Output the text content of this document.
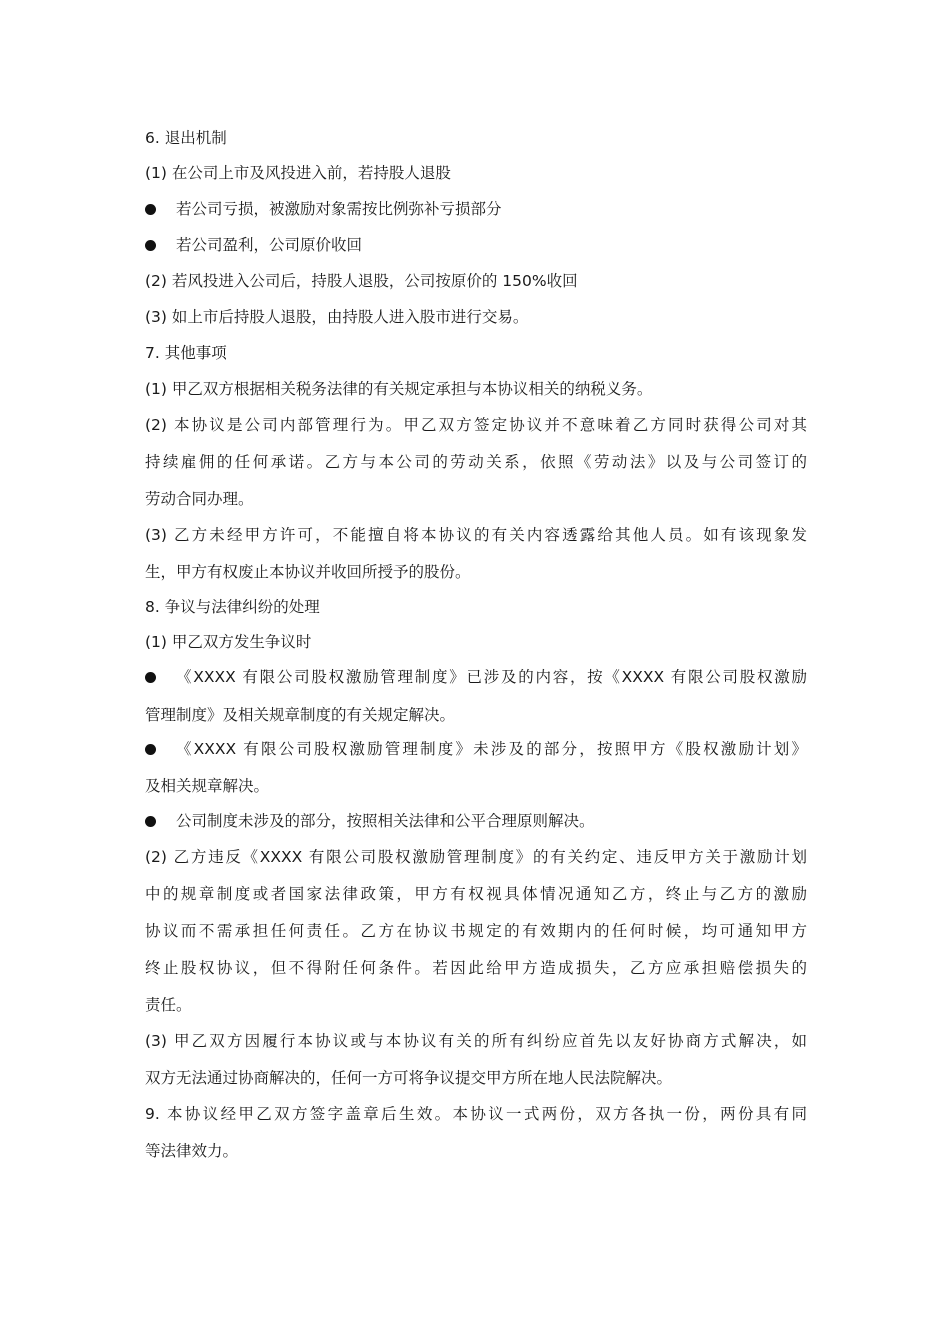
6. 退出机制
(1) 在公司上市及风投进入前，若持股人退股
若公司亏损，被激励对象需按比例弥补亏损部分
若公司盈利，公司原价收回
(2) 若风投进入公司后，持股人退股，公司按原价的 150%收回
(3) 如上市后持股人退股，由持股人进入股市进行交易。
7. 其他事项
(1) 甲乙双方根据相关税务法律的有关规定承担与本协议相关的纳税义务。
(2) 本协议是公司内部管理行为。甲乙双方签定协议并不意味着乙方同时获得公司对其
持续雇佣的任何承诺。乙方与本公司的劳动关系，依照《劳动法》以及与公司签订的
劳动合同办理。
(3) 乙方未经甲方许可，不能擅自将本协议的有关内容透露给其他人员。如有该现象发
生，甲方有权废止本协议并收回所授予的股份。
8. 争议与法律纠纷的处理
(1) 甲乙双方发生争议时
《XXXX 有限公司股权激励管理制度》已涉及的内容，按《XXXX 有限公司股权激励
管理制度》及相关规章制度的有关规定解决。
《XXXX 有限公司股权激励管理制度》未涉及的部分，按照甲方《股权激励计划》
及相关规章解决。
公司制度未涉及的部分，按照相关法律和公平合理原则解决。
(2) 乙方违反《XXXX 有限公司股权激励管理制度》的有关约定、违反甲方关于激励计划
中的规章制度或者国家法律政策，甲方有权视具体情况通知乙方，终止与乙方的激励
协议而不需承担任何责任。乙方在协议书规定的有效期内的任何时候，均可通知甲方
终止股权协议，但不得附任何条件。若因此给甲方造成损失，乙方应承担赔偿损失的
责任。
(3) 甲乙双方因履行本协议或与本协议有关的所有纠纷应首先以友好协商方式解决，如
双方无法通过协商解决的，任何一方可将争议提交甲方所在地人民法院解决。
9. 本协议经甲乙双方签字盖章后生效。本协议一式两份，双方各执一份，两份具有同
等法律效力。
